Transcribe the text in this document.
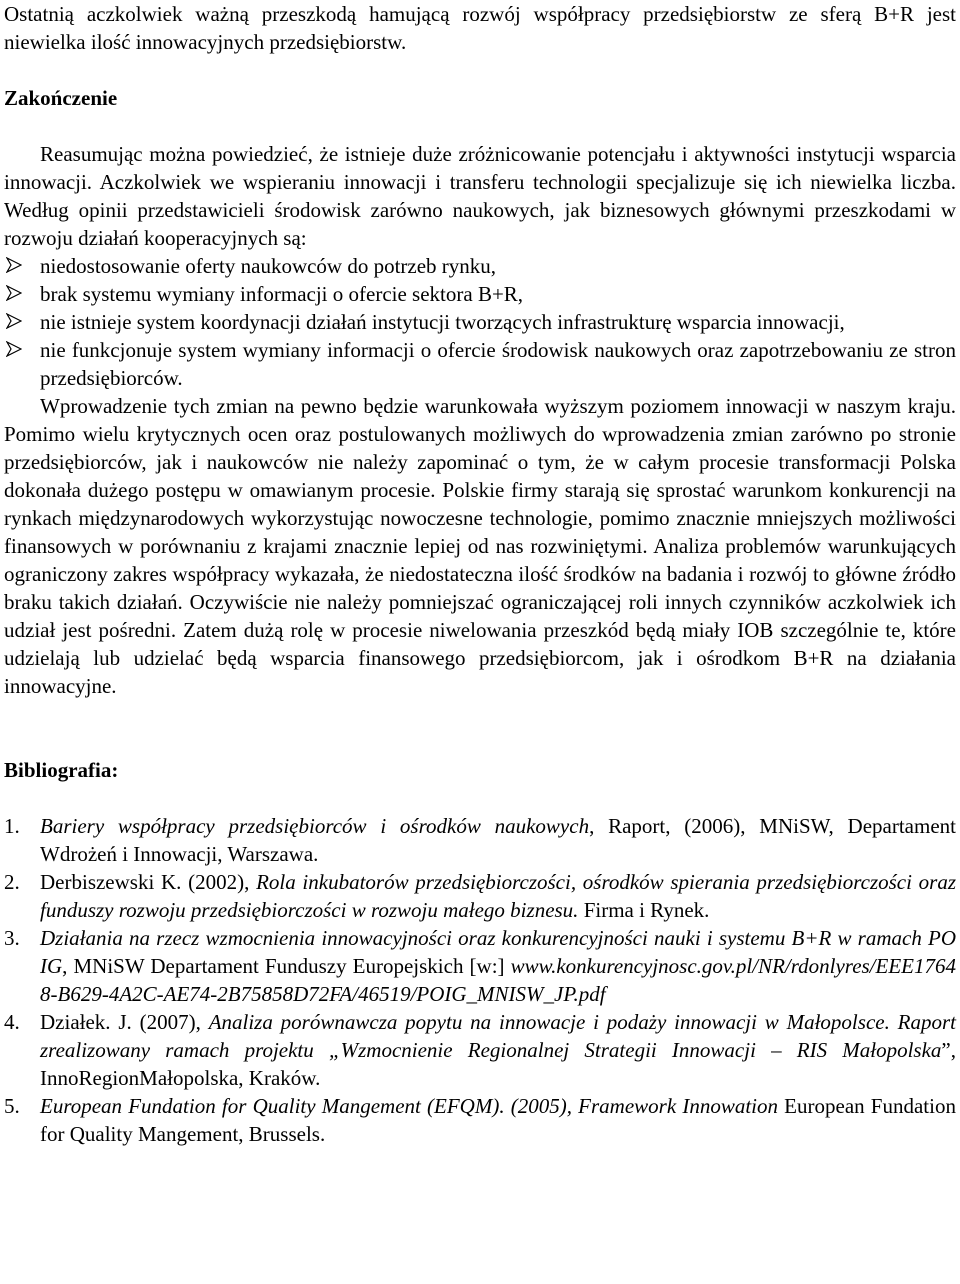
Ostatnią aczkolwiek ważną przeszkodą hamującą rozwój współpracy przedsiębiorstw ze sferą B+R jest niewielka ilość innowacyjnych przedsiębiorstw.

Zakończenie

Reasumując można powiedzieć, że istnieje duże zróżnicowanie potencjału i aktywności instytucji wsparcia innowacji. Aczkolwiek we wspieraniu innowacji i transferu technologii specjalizuje się ich niewielka liczba. Według opinii przedstawicieli środowisk zarówno naukowych, jak biznesowych głównymi przeszkodami w rozwoju działań kooperacyjnych są:

niedostosowanie oferty naukowców do potrzeb rynku,
brak systemu wymiany informacji o ofercie sektora B+R,
nie istnieje system koordynacji działań instytucji tworzących infrastrukturę wsparcia innowacji,
nie funkcjonuje system wymiany informacji o ofercie środowisk naukowych oraz zapotrzebowaniu ze stron przedsiębiorców.

Wprowadzenie tych zmian na pewno będzie warunkowała wyższym poziomem innowacji w naszym kraju. Pomimo wielu krytycznych ocen oraz postulowanych możliwych do wprowadzenia zmian zarówno po stronie przedsiębiorców, jak i naukowców nie należy zapominać o tym, że w całym procesie transformacji Polska dokonała dużego postępu w omawianym procesie. Polskie firmy starają się sprostać warunkom konkurencji na rynkach międzynarodowych wykorzystując nowoczesne technologie, pomimo znacznie mniejszych możliwości finansowych w porównaniu z krajami znacznie lepiej od nas rozwiniętymi. Analiza problemów warunkujących ograniczony zakres współpracy wykazała, że niedostateczna ilość środków na badania i rozwój to główne źródło braku takich działań. Oczywiście nie należy pomniejszać ograniczającej roli innych czynników aczkolwiek ich udział jest pośredni. Zatem dużą rolę w procesie niwelowania przeszkód będą miały IOB szczególnie te, które udzielają lub udzielać będą wsparcia finansowego przedsiębiorcom, jak i ośrodkom B+R na działania innowacyjne.

Bibliografia:

1. Bariery współpracy przedsiębiorców i ośrodków naukowych, Raport, (2006), MNiSW, Departament Wdrożeń i Innowacji, Warszawa.
2. Derbiszewski K. (2002), Rola inkubatorów przedsiębiorczości, ośrodków spierania przedsiębiorczości oraz funduszy rozwoju przedsiębiorczości w rozwoju małego biznesu. Firma i Rynek.
3. Działania na rzecz wzmocnienia innowacyjności oraz konkurencyjności nauki i systemu B+R w ramach PO IG, MNiSW Departament Funduszy Europejskich [w:] www.konkurencyjnosc.gov.pl/NR/rdonlyres/EEE17648-B629-4A2C-AE74-2B75858D72FA/46519/POIG_MNISW_JP.pdf
4. Działek. J. (2007), Analiza porównawcza popytu na innowacje i podaży innowacji w Małopolsce. Raport zrealizowany ramach projektu „Wzmocnienie Regionalnej Strategii Innowacji – RIS Małopolska”, InnoRegionMałopolska, Kraków.
5. European Fundation for Quality Mangement (EFQM). (2005), Framework Innowation European Fundation for Quality Mangement, Brussels.
